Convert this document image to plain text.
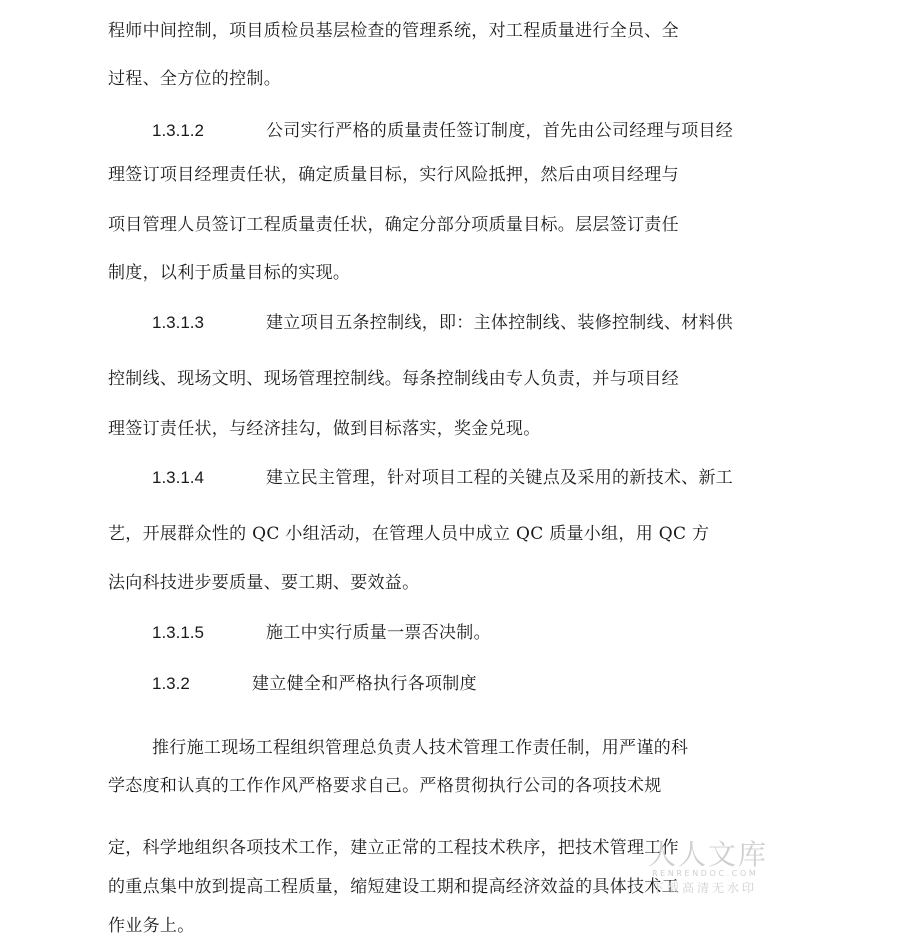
程师中间控制，项目质检员基层检查的管理系统，对工程质量进行全员、全

过程、全方位的控制。

1.3.1.2	公司实行严格的质量责任签订制度，首先由公司经理与项目经

理签订项目经理责任状，确定质量目标，实行风险抵押，然后由项目经理与

项目管理人员签订工程质量责任状，确定分部分项质量目标。层层签订责任

制度，以利于质量目标的实现。

1.3.1.3	建立项目五条控制线，即：主体控制线、装修控制线、材料供

控制线、现场文明、现场管理控制线。每条控制线由专人负责，并与项目经

理签订责任状，与经济挂勾，做到目标落实，奖金兑现。

1.3.1.4	建立民主管理，针对项目工程的关键点及采用的新技术、新工

艺，开展群众性的 QC 小组活动，在管理人员中成立 QC 质量小组，用 QC 方

法向科技进步要质量、要工期、要效益。

1.3.1.5	施工中实行质量一票否决制。

1.3.2	建立健全和严格执行各项制度

推行施工现场工程组织管理总负责人技术管理工作责任制，用严谨的科

学态度和认真的工作作风严格要求自己。严格贯彻执行公司的各项技术规

定，科学地组织各项技术工作，建立正常的工程技术秩序，把技术管理工作

的重点集中放到提高工程质量，缩短建设工期和提高经济效益的具体技术工

作业务上。

人人文库
RENRENDOC.COM
下载高清无水印
